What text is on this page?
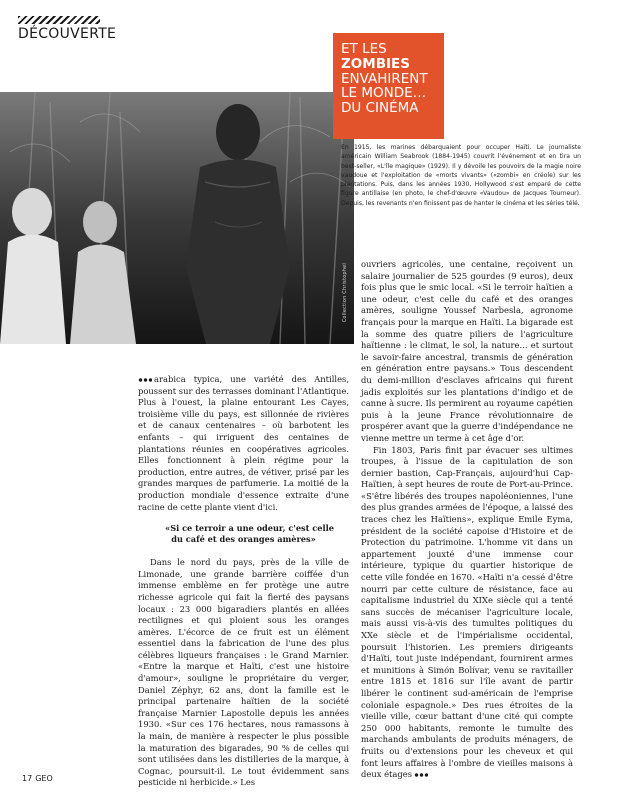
DÉCOUVERTE
Collection Christophel
ET LES
ZOMBIES
ENVAHIRENT
LE MONDE…
DU CINÉMA

En 1915, les marines débarquaient pour occuper Haïti. Le journaliste américain William Seabrook (1884-1945) couvrit l'événement et en tira un best-seller, «L'île magique» (1929). Il y dévoile les pouvoirs de la magie noire vaudoue et l'exploitation de «morts vivants» («zombi» en créole) sur les plantations. Puis, dans les années 1930, Hollywood s'est emparé de cette figure antillaise (en photo, le chef-d'œuvre «Vaudou» de Jacques Tourneur). Depuis, les revenants n'en finissent pas de hanter le cinéma et les séries télé.

arabica typica, une variété des Antilles, poussent sur des terrasses dominant l'Atlantique. Plus à l'ouest, la plaine entourant Les Cayes, troisième ville du pays, est sillonnée de rivières et de canaux centenaires – où barbotent les enfants – qui irriguent des centaines de plantations réunies en coopératives agricoles. Elles fonctionnent à plein régime pour la production, entre autres, de vétiver, prisé par les grandes marques de parfumerie. La moitié de la production mondiale d'essence extraite d'une racine de cette plante vient d'ici.

«Si ce terroir a une odeur, c'est celle du café et des oranges amères»

Dans le nord du pays, près de la ville de Limonade, une grande barrière coiffée d'un immense emblème en fer protège une autre richesse agricole qui fait la fierté des paysans locaux : 23 000 bigaradiers plantés en allées rectilignes et qui ploient sous les oranges amères. L'écorce de ce fruit est un élément essentiel dans la fabrication de l'une des plus célèbres liqueurs françaises : le Grand Marnier. «Entre la marque et Haïti, c'est une histoire d'amour», souligne le propriétaire du verger, Daniel Zéphyr, 62 ans, dont la famille est le principal partenaire haïtien de la société française Marnier Lapostolle depuis les années 1930. «Sur ces 176 hectares, nous ramassons à la main, de manière à respecter le plus possible la maturation des bigarades, 90 % de celles qui sont utilisées dans les distilleries de la marque, à Cognac, poursuit-il. Le tout évidemment sans pesticide ni herbicide.» Les

ouvriers agricoles, une centaine, reçoivent un salaire journalier de 525 gourdes (9 euros), deux fois plus que le smic local. «Si le terroir haïtien a une odeur, c'est celle du café et des oranges amères, souligne Youssef Narbesla, agronome français pour la marque en Haïti. La bigarade est la somme des quatre piliers de l'agriculture haïtienne : le climat, le sol, la nature… et surtout le savoir-faire ancestral, transmis de génération en génération entre paysans.» Tous descendent du demi-million d'esclaves africains qui furent jadis exploités sur les plantations d'indigo et de canne à sucre. Ils permirent au royaume capétien puis à la jeune France révolutionnaire de prospérer avant que la guerre d'indépendance ne vienne mettre un terme à cet âge d'or.

Fin 1803, Paris finit par évacuer ses ultimes troupes, à l'issue de la capitulation de son dernier bastion, Cap-Français, aujourd'hui Cap-Haïtien, à sept heures de route de Port-au-Prince. «S'être libérés des troupes napoléoniennes, l'une des plus grandes armées de l'époque, a laissé des traces chez les Haïtiens», explique Emile Eyma, président de la société capoise d'Histoire et de Protection du patrimoine. L'homme vit dans un appartement jouxté d'une immense cour intérieure, typique du quartier historique de cette ville fondée en 1670. «Haïti n'a cessé d'être nourri par cette culture de résistance, face au capitalisme industriel du XIXe siècle qui a tenté sans succès de mécaniser l'agriculture locale, mais aussi vis-à-vis des tumultes politiques du XXe siècle et de l'impérialisme occidental, poursuit l'historien. Les premiers dirigeants d'Haïti, tout juste indépendant, fournirent armes et munitions à Simón Bolívar, venu se ravitailler entre 1815 et 1816 sur l'île avant de partir libérer le continent sud-américain de l'emprise coloniale espagnole.» Des rues étroites de la vieille ville, cœur battant d'une cité qui compte 250 000 habitants, remonte le tumulte des marchands ambulants de produits ménagers, de fruits ou d'extensions pour les cheveux et qui font leurs affaires à l'ombre de vieilles maisons à deux étages

17 GEO
